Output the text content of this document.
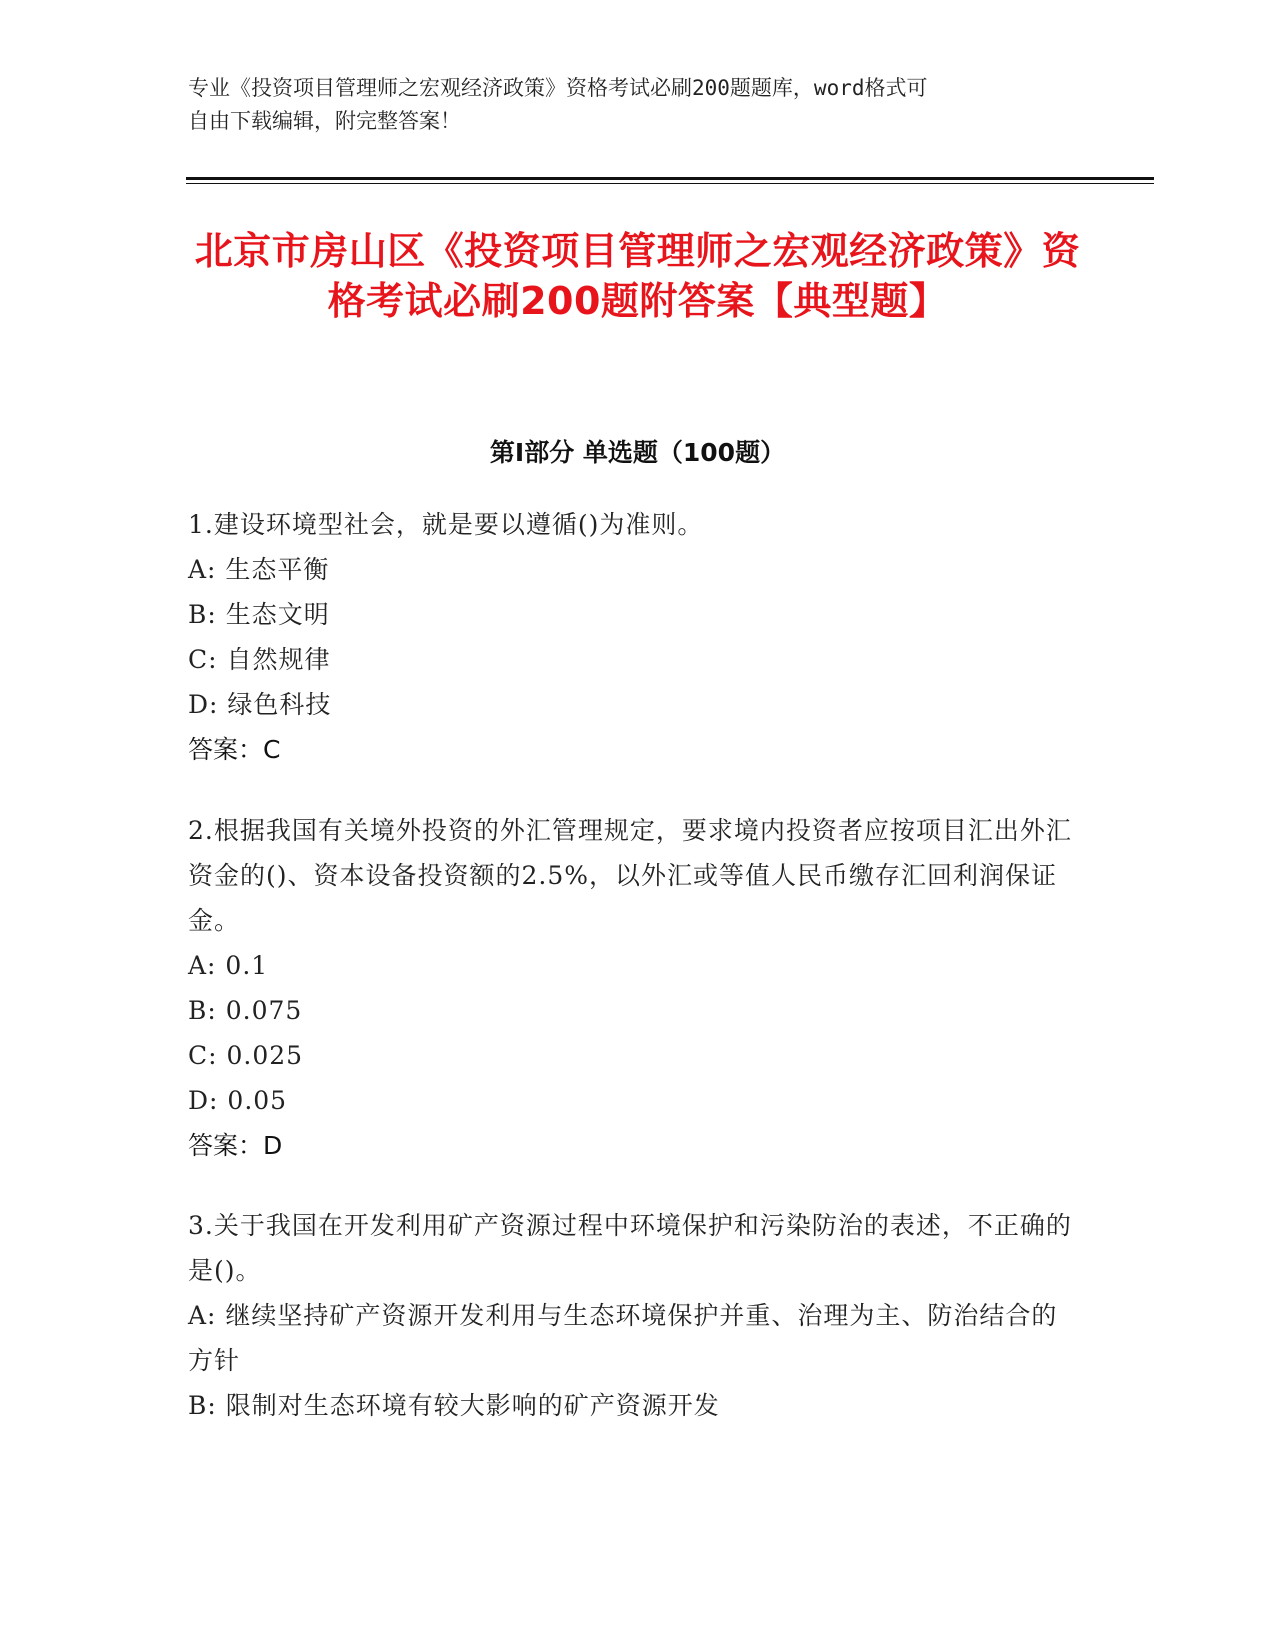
专业《投资项目管理师之宏观经济政策》资格考试必刷200题题库，word格式可
自由下载编辑，附完整答案！

北京市房山区《投资项目管理师之宏观经济政策》资格考试必刷200题附答案【典型题】
第I部分 单选题（100题）

1.建设环境型社会，就是要以遵循()为准则。

A: 生态平衡

B: 生态文明

C: 自然规律

D: 绿色科技

答案：C

2.根据我国有关境外投资的外汇管理规定，要求境内投资者应按项目汇出外汇资金的()、资本设备投资额的2.5%，以外汇或等值人民币缴存汇回利润保证金。

A: 0.1

B: 0.075

C: 0.025

D: 0.05

答案：D

3.关于我国在开发利用矿产资源过程中环境保护和污染防治的表述，不正确的是()。

A: 继续坚持矿产资源开发利用与生态环境保护并重、治理为主、防治结合的方针

B: 限制对生态环境有较大影响的矿产资源开发
